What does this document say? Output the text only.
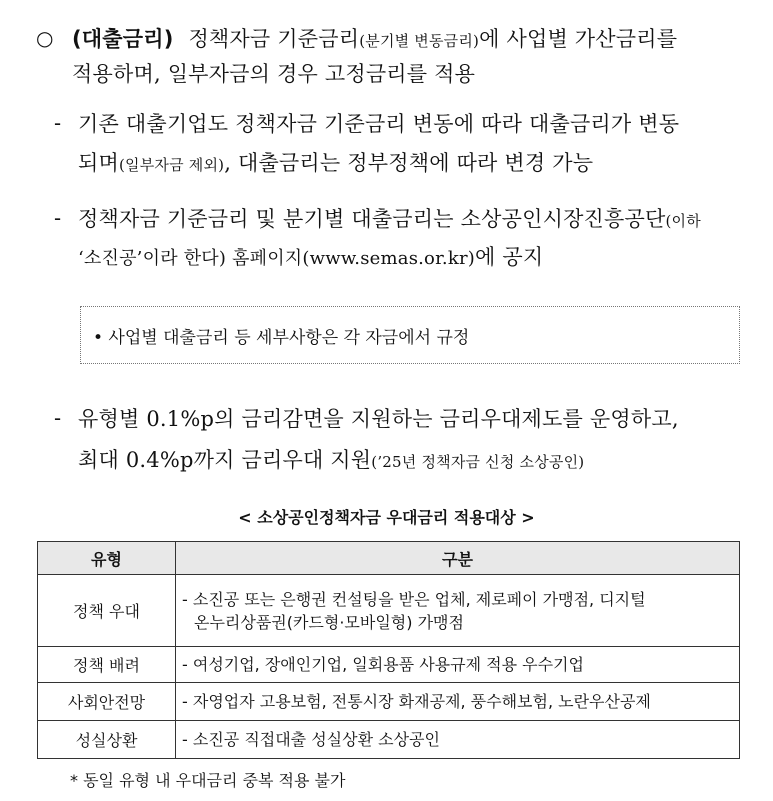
○ (대출금리) 정책자금 기준금리(분기별 변동금리)에 사업별 가산금리를
적용하며, 일부자금의 경우 고정금리를 적용
- 기존 대출기업도 정책자금 기준금리 변동에 따라 대출금리가 변동
되며(일부자금 제외), 대출금리는 정부정책에 따라 변경 가능
- 정책자금 기준금리 및 분기별 대출금리는 소상공인시장진흥공단(이하
‘소진공’이라 한다) 홈페이지(www.semas.or.kr)에 공지
• 사업별 대출금리 등 세부사항은 각 자금에서 규정
- 유형별 0.1%p의 금리감면을 지원하는 금리우대제도를 운영하고,
최대 0.4%p까지 금리우대 지원(’25년 정책자금 신청 소상공인)
< 소상공인정책자금 우대금리 적용대상 >
유형	구분
정책 우대	- 소진공 또는 은행권 컨설팅을 받은 업체, 제로페이 가맹점, 디지털
온누리상품권(카드형·모바일형) 가맹점

정책 배려	- 여성기업, 장애인기업, 일회용품 사용규제 적용 우수기업
사회안전망	- 자영업자 고용보험, 전통시장 화재공제, 풍수해보험, 노란우산공제
성실상환	- 소진공 직접대출 성실상환 소상공인
* 동일 유형 내 우대금리 중복 적용 불가
